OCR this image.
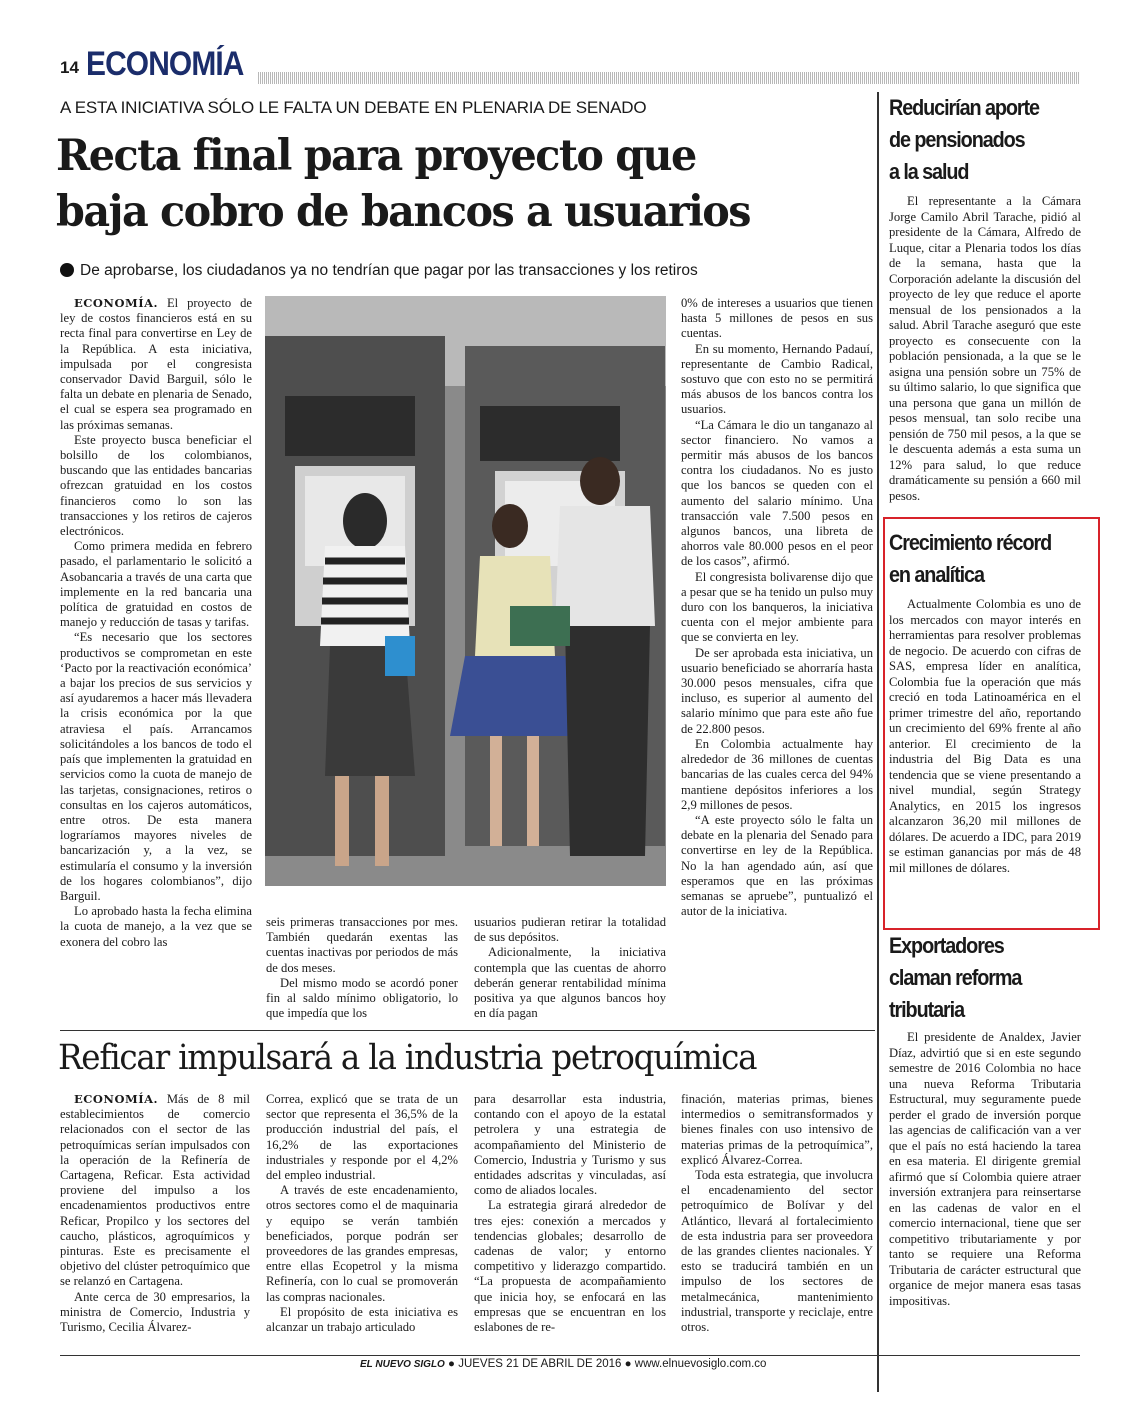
14 ECONOMÍA
A ESTA INICIATIVA SÓLO LE FALTA UN DEBATE EN PLENARIA DE SENADO
Recta final para proyecto que
baja cobro de bancos a usuarios
De aprobarse, los ciudadanos ya no tendrían que pagar por las transacciones y los retiros

ECONOMÍA. El proyecto de ley de costos financieros está en su recta final para convertirse en Ley de la República. A esta iniciativa, impulsada por el congresista conservador David Barguil, sólo le falta un debate en plenaria de Senado, el cual se espera sea programado en las próximas semanas.

Este proyecto busca beneficiar el bolsillo de los colombianos, buscando que las entidades bancarias ofrezcan gratuidad en los costos financieros como lo son las transacciones y los retiros de cajeros electrónicos.

Como primera medida en febrero pasado, el parlamentario le solicitó a Asobancaria a través de una carta que implemente en la red bancaria una política de gratuidad en costos de manejo y reducción de tasas y tarifas.

“Es necesario que los sectores productivos se comprometan en este ‘Pacto por la reactivación económica’ a bajar los precios de sus servicios y así ayudaremos a hacer más llevadera la crisis económica por la que atraviesa el país. Arrancamos solicitándoles a los bancos de todo el país que implementen la gratuidad en servicios como la cuota de manejo de las tarjetas, consignaciones, retiros o consultas en los cajeros automáticos, entre otros. De esta manera lograríamos mayores niveles de bancarización y, a la vez, se estimularía el consumo y la inversión de los hogares colombianos”, dijo Barguil.

Lo aprobado hasta la fecha elimina la cuota de manejo, a la vez que se exonera del cobro las

seis primeras transacciones por mes. También quedarán exentas las cuentas inactivas por periodos de más de dos meses.

Del mismo modo se acordó poner fin al saldo mínimo obligatorio, lo que impedía que los

usuarios pudieran retirar la totalidad de sus depósitos.

Adicionalmente, la iniciativa contempla que las cuentas de ahorro deberán generar rentabilidad mínima positiva ya que algunos bancos hoy en día pagan

0% de intereses a usuarios que tienen hasta 5 millones de pesos en sus cuentas.

En su momento, Hernando Padauí, representante de Cambio Radical, sostuvo que con esto no se permitirá más abusos de los bancos contra los usuarios.

“La Cámara le dio un tanganazo al sector financiero. No vamos a permitir más abusos de los bancos contra los ciudadanos. No es justo que los bancos se queden con el aumento del salario mínimo. Una transacción vale 7.500 pesos en algunos bancos, una libreta de ahorros vale 80.000 pesos en el peor de los casos”, afirmó.

El congresista bolivarense dijo que a pesar que se ha tenido un pulso muy duro con los banqueros, la iniciativa cuenta con el mejor ambiente para que se convierta en ley.

De ser aprobada esta iniciativa, un usuario beneficiado se ahorraría hasta 30.000 pesos mensuales, cifra que incluso, es superior al aumento del salario mínimo que para este año fue de 22.800 pesos.

En Colombia actualmente hay alrededor de 36 millones de cuentas bancarias de las cuales cerca del 94% mantiene depósitos inferiores a los 2,9 millones de pesos.

“A este proyecto sólo le falta un debate en la plenaria del Senado para convertirse en ley de la República. No la han agendado aún, así que esperamos que en las próximas semanas se apruebe”, puntualizó el autor de la iniciativa.

Reducirían aporte
de pensionados
a la salud

El representante a la Cámara Jorge Camilo Abril Tarache, pidió al presidente de la Cámara, Alfredo de Luque, citar a Plenaria todos los días de la semana, hasta que la Corporación adelante la discusión del proyecto de ley que reduce el aporte mensual de los pensionados a la salud. Abril Tarache aseguró que este proyecto es consecuente con la población pensionada, a la que se le asigna una pensión sobre un 75% de su último salario, lo que significa que una persona que gana un millón de pesos mensual, tan solo recibe una pensión de 750 mil pesos, a la que se le descuenta además a esta suma un 12% para salud, lo que reduce dramáticamente su pensión a 660 mil pesos.

Crecimiento récord
en analítica

Actualmente Colombia es uno de los mercados con mayor interés en herramientas para resolver problemas de negocio. De acuerdo con cifras de SAS, empresa líder en analítica, Colombia fue la operación que más creció en toda Latinoamérica en el primer trimestre del año, reportando un crecimiento del 69% frente al año anterior. El crecimiento de la industria del Big Data es una tendencia que se viene presentando a nivel mundial, según Strategy Analytics, en 2015 los ingresos alcanzaron 36,20 mil millones de dólares. De acuerdo a IDC, para 2019 se estiman ganancias por más de 48 mil millones de dólares.

Exportadores
claman reforma
tributaria

El presidente de Analdex, Javier Díaz, advirtió que si en este segundo semestre de 2016 Colombia no hace una nueva Reforma Tributaria Estructural, muy seguramente puede perder el grado de inversión porque las agencias de calificación van a ver que el país no está haciendo la tarea en esa materia. El dirigente gremial afirmó que sí Colombia quiere atraer inversión extranjera para reinsertarse en las cadenas de valor en el comercio internacional, tiene que ser competitivo tributariamente y por tanto se requiere una Reforma Tributaria de carácter estructural que organice de mejor manera esas tasas impositivas.

Reficar impulsará a la industria petroquímica

ECONOMÍA. Más de 8 mil establecimientos de comercio relacionados con el sector de las petroquímicas serían impulsados con la operación de la Refinería de Cartagena, Reficar. Esta actividad proviene del impulso a los encadenamientos productivos entre Reficar, Propilco y los sectores del caucho, plásticos, agroquímicos y pinturas. Este es precisamente el objetivo del clúster petroquímico que se relanzó en Cartagena.

Ante cerca de 30 empresarios, la ministra de Comercio, Industria y Turismo, Cecilia Álvarez-

Correa, explicó que se trata de un sector que representa el 36,5% de la producción industrial del país, el 16,2% de las exportaciones industriales y responde por el 4,2% del empleo industrial.

A través de este encadenamiento, otros sectores como el de maquinaria y equipo se verán también beneficiados, porque podrán ser proveedores de las grandes empresas, entre ellas Ecopetrol y la misma Refinería, con lo cual se promoverán las compras nacionales.

El propósito de esta iniciativa es alcanzar un trabajo articulado

para desarrollar esta industria, contando con el apoyo de la estatal petrolera y una estrategia de acompañamiento del Ministerio de Comercio, Industria y Turismo y sus entidades adscritas y vinculadas, así como de aliados locales.

La estrategia girará alrededor de tres ejes: conexión a mercados y tendencias globales; desarrollo de cadenas de valor; y entorno competitivo y liderazgo compartido. “La propuesta de acompañamiento que inicia hoy, se enfocará en las empresas que se encuentran en los eslabones de re-

finación, materias primas, bienes intermedios o semitransformados y bienes finales con uso intensivo de materias primas de la petroquímica”, explicó Álvarez-Correa.

Toda esta estrategia, que involucra el encadenamiento del sector petroquímico de Bolívar y del Atlántico, llevará al fortalecimiento de esta industria para ser proveedora de las grandes clientes nacionales. Y esto se traducirá también en un impulso de los sectores de metalmecánica, mantenimiento industrial, transporte y reciclaje, entre otros.

EL NUEVO SIGLO ● JUEVES 21 DE ABRIL DE 2016 ● www.elnuevosiglo.com.co
